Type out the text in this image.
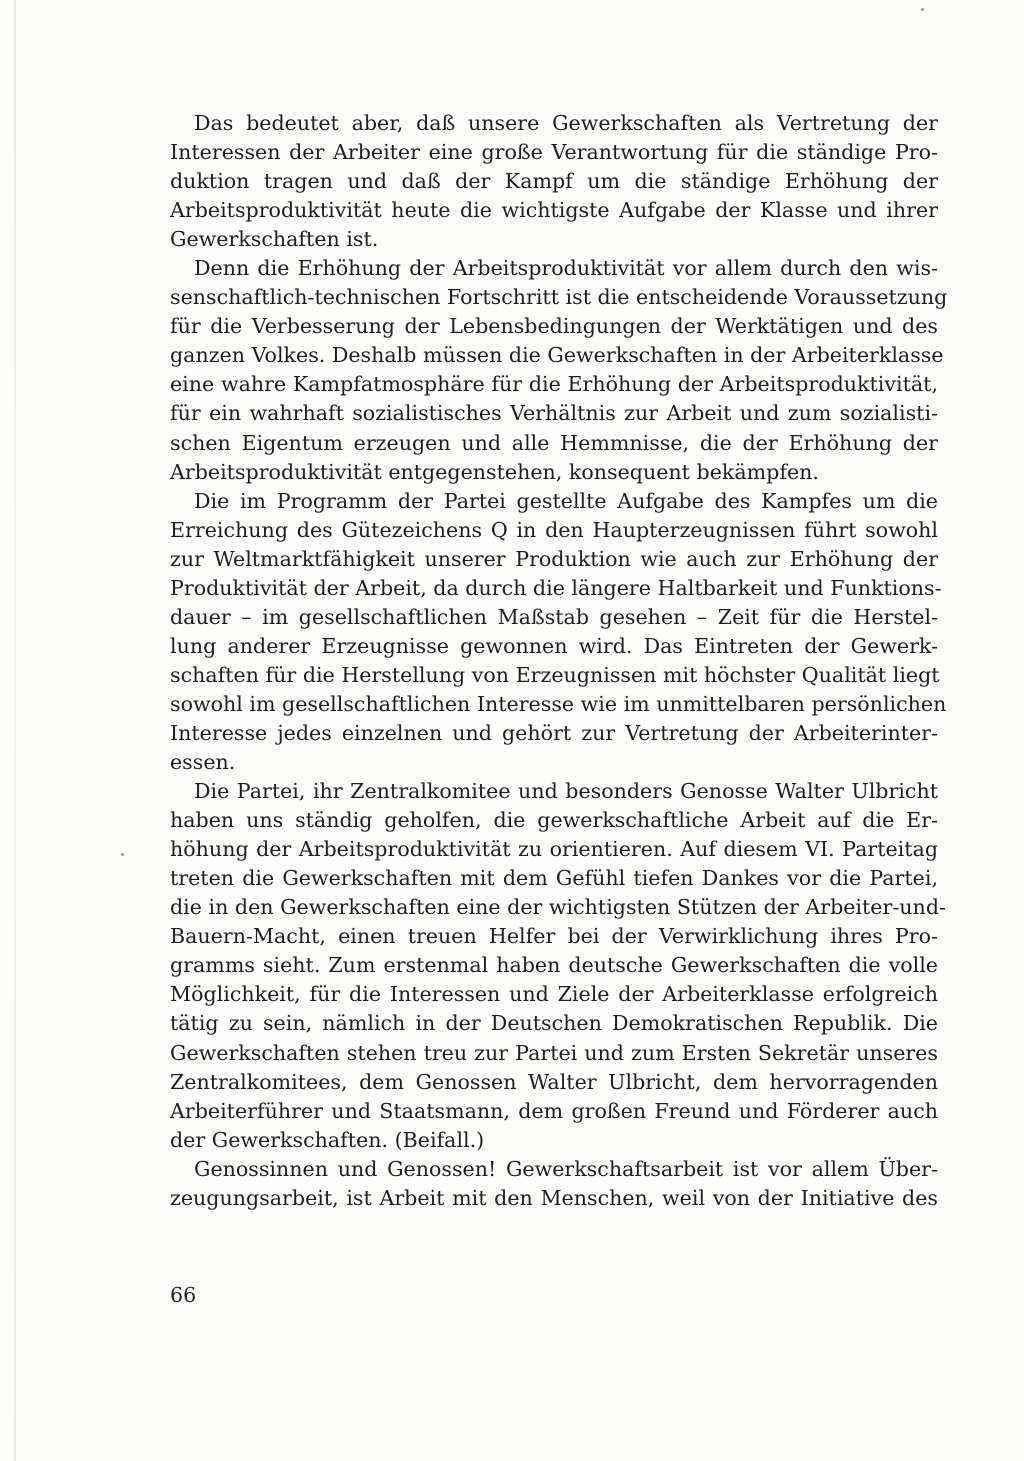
Das bedeutet aber, daß unsere Gewerkschaften als Vertretung der
Interessen der Arbeiter eine große Verantwortung für die ständige Pro-
duktion tragen und daß der Kampf um die ständige Erhöhung der
Arbeitsproduktivität heute die wichtigste Aufgabe der Klasse und ihrer
Gewerkschaften ist.
Denn die Erhöhung der Arbeitsproduktivität vor allem durch den wis-
senschaftlich-technischen Fortschritt ist die entscheidende Voraussetzung
für die Verbesserung der Lebensbedingungen der Werktätigen und des
ganzen Volkes. Deshalb müssen die Gewerkschaften in der Arbeiterklasse
eine wahre Kampfatmosphäre für die Erhöhung der Arbeitsproduktivität,
für ein wahrhaft sozialistisches Verhältnis zur Arbeit und zum sozialisti-
schen Eigentum erzeugen und alle Hemmnisse, die der Erhöhung der
Arbeitsproduktivität entgegenstehen, konsequent bekämpfen.
Die im Programm der Partei gestellte Aufgabe des Kampfes um die
Erreichung des Gütezeichens Q in den Haupterzeugnissen führt sowohl
zur Weltmarktfähigkeit unserer Produktion wie auch zur Erhöhung der
Produktivität der Arbeit, da durch die längere Haltbarkeit und Funktions-
dauer – im gesellschaftlichen Maßstab gesehen – Zeit für die Herstel-
lung anderer Erzeugnisse gewonnen wird. Das Eintreten der Gewerk-
schaften für die Herstellung von Erzeugnissen mit höchster Qualität liegt
sowohl im gesellschaftlichen Interesse wie im unmittelbaren persönlichen
Interesse jedes einzelnen und gehört zur Vertretung der Arbeiterinter-
essen.
Die Partei, ihr Zentralkomitee und besonders Genosse Walter Ulbricht
haben uns ständig geholfen, die gewerkschaftliche Arbeit auf die Er-
höhung der Arbeitsproduktivität zu orientieren. Auf diesem VI. Parteitag
treten die Gewerkschaften mit dem Gefühl tiefen Dankes vor die Partei,
die in den Gewerkschaften eine der wichtigsten Stützen der Arbeiter-und-
Bauern-Macht, einen treuen Helfer bei der Verwirklichung ihres Pro-
gramms sieht. Zum erstenmal haben deutsche Gewerkschaften die volle
Möglichkeit, für die Interessen und Ziele der Arbeiterklasse erfolgreich
tätig zu sein, nämlich in der Deutschen Demokratischen Republik. Die
Gewerkschaften stehen treu zur Partei und zum Ersten Sekretär unseres
Zentralkomitees, dem Genossen Walter Ulbricht, dem hervorragenden
Arbeiterführer und Staatsmann, dem großen Freund und Förderer auch
der Gewerkschaften. (Beifall.)
Genossinnen und Genossen! Gewerkschaftsarbeit ist vor allem Über-
zeugungsarbeit, ist Arbeit mit den Menschen, weil von der Initiative des
66
